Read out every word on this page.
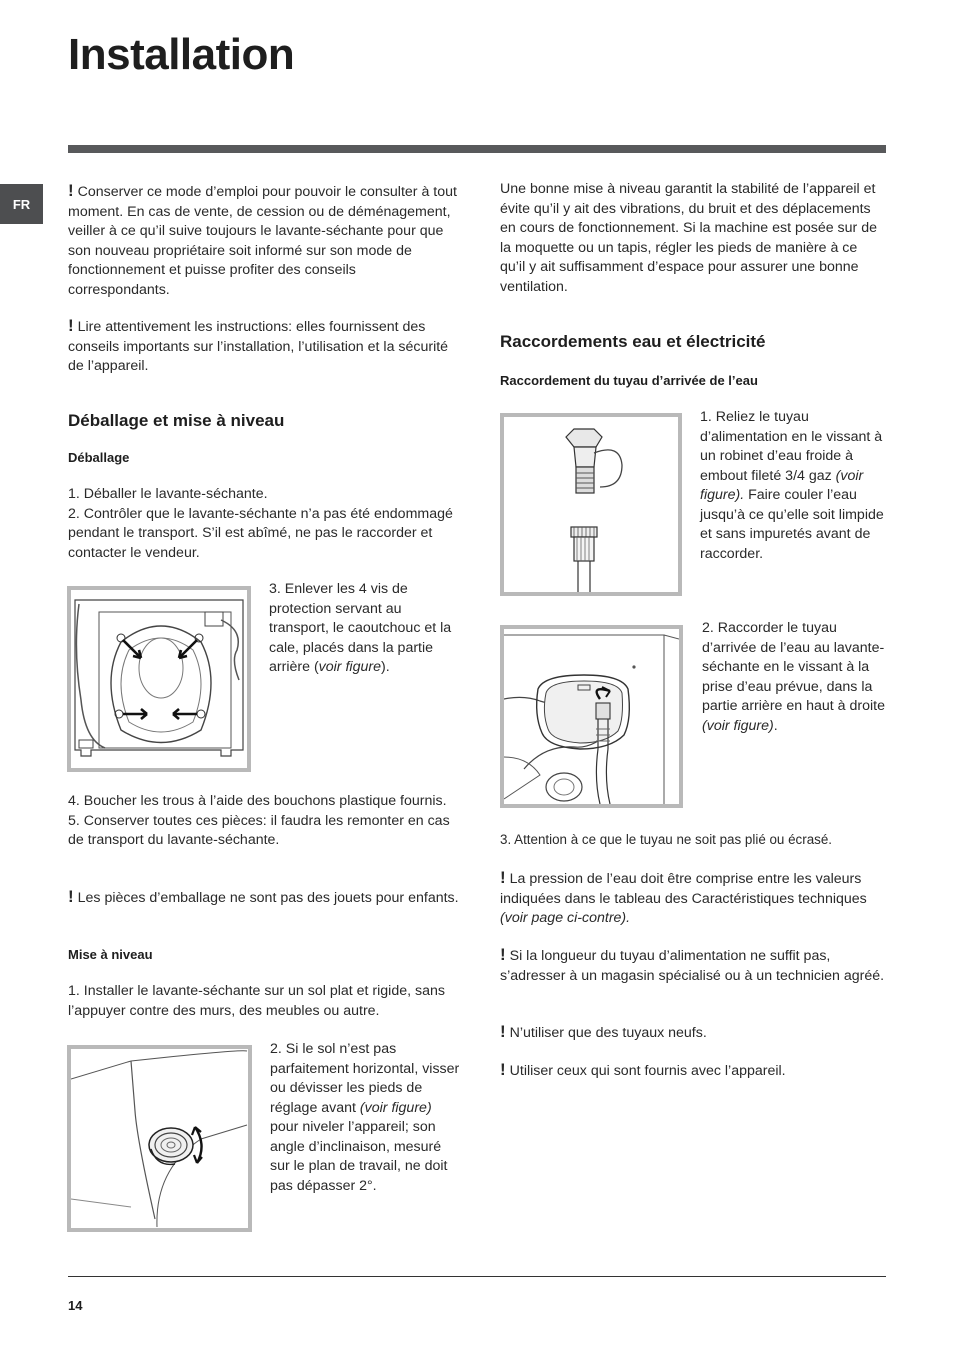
Installation
FR

! Conserver ce mode d’emploi pour pouvoir le consulter à tout moment. En cas de vente, de cession ou de déménagement, veiller à ce qu’il suive toujours le lavante-séchante pour que son nouveau propriétaire soit informé sur son mode de fonctionnement et puisse profiter des conseils correspondants.

! Lire attentivement les instructions: elles fournissent des conseils importants sur l’installation, l’utilisation et la sécurité de l’appareil.

Déballage et mise à niveau
Déballage

1. Déballer le lavante-séchante.

2. Contrôler que le lavante-séchante n’a pas été endommagé pendant le transport. S’il est abîmé, ne pas le raccorder et contacter le vendeur.

3. Enlever les 4 vis de protection servant au transport, le caoutchouc et la cale, placés dans la partie arrière (voir figure).

4. Boucher les trous à l’aide des bouchons plastique fournis.

5. Conserver toutes ces pièces: il faudra les remonter en cas de transport du lavante-séchante.

! Les pièces d’emballage ne sont pas des jouets pour enfants.

Mise à niveau

1. Installer le lavante-séchante sur un sol plat et rigide, sans l’appuyer contre des murs, des meubles ou autre.

2. Si le sol n’est pas parfaitement horizontal, visser ou dévisser les pieds de réglage avant (voir figure) pour niveler l’appareil; son angle d’inclinaison, mesuré sur le plan de travail, ne doit pas dépasser 2°.

Une bonne mise à niveau garantit la stabilité de l’appareil et évite qu’il y ait des vibrations, du bruit et des déplacements en cours de fonctionnement. Si la machine est posée sur de la moquette ou un tapis, régler les pieds de manière à ce qu’il y ait suffisamment d’espace pour assurer une bonne ventilation.

Raccordements eau et électricité
Raccordement du tuyau d’arrivée de l’eau

1. Reliez le tuyau d’alimentation en le vissant à un robinet d’eau froide à embout fileté 3/4 gaz (voir figure). Faire couler l’eau jusqu’à ce qu’elle soit limpide et sans impuretés avant de raccorder.

2. Raccorder le tuyau d’arrivée de l’eau au lavante-séchante en le vissant à la prise d’eau prévue, dans la partie arrière en haut à droite (voir figure).

3. Attention à ce que le tuyau ne soit pas plié ou écrasé.

! La pression de l’eau doit être comprise entre les valeurs indiquées dans le tableau des Caractéristiques techniques (voir page ci-contre).

! Si la longueur du tuyau d’alimentation ne suffit pas, s’adresser à un magasin spécialisé ou à un technicien agréé.

! N’utiliser que des tuyaux neufs.

! Utiliser ceux qui sont fournis avec l’appareil.

14
